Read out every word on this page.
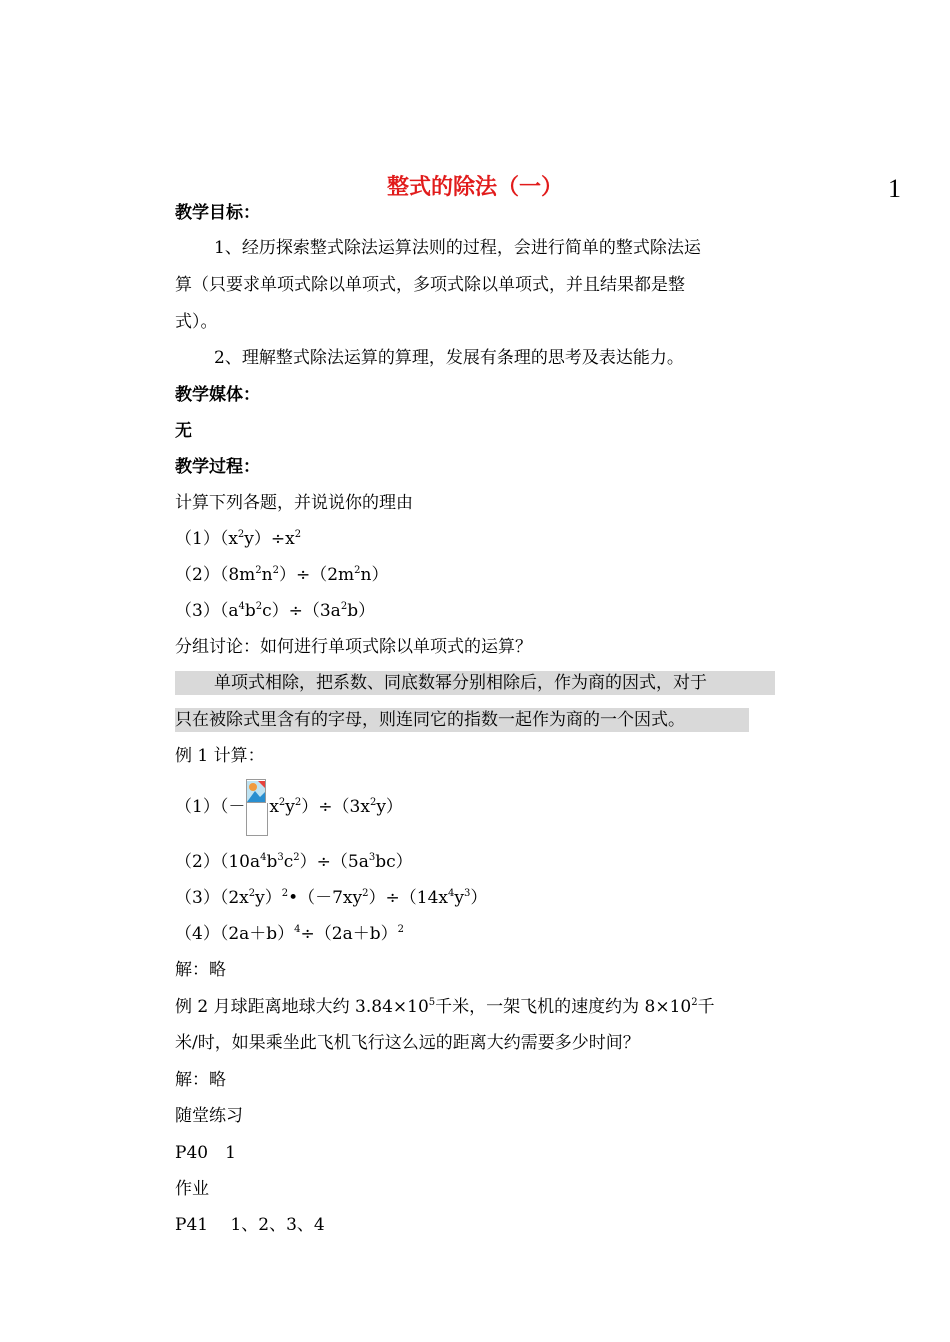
1
整式的除法（一）
教学目标：
1、经历探索整式除法运算法则的过程，会进行简单的整式除法运
算（只要求单项式除以单项式，多项式除以单项式，并且结果都是整
式）。
2、理解整式除法运算的算理，发展有条理的思考及表达能力。
教学媒体：
无
教学过程：
计算下列各题，并说说你的理由
$(1)(x^2y)\div x^2$
$(2)(8m^2n^2)\div(2m^2n)$
$(3)(a^4b^2c)\div(3a^2b)$
分组讨论：如何进行单项式除以单项式的运算？
单项式相除，把系数、同底数幂分别相除后，作为商的因式，对于
只在被除式里含有的字母，则连同它的指数一起作为商的一个因式。
例 1 计算：
$(1)(- x^2y^2)\div(3x^2y)$
$(2)(10a^4b^3c^2)\div(5a^3bc)$
$(3)(2x^2y)^2•(-7xy^2)\div(14x^4y^3)$
$(4)(2a+b)^4\div(2a+b)^2$
解：略
例 2 月球距离地球大约 $3.84\times 10^5$千米，一架飞机的速度约为 $8\times 10^2$千
米/时，如果乘坐此飞机飞行这么远的距离大约需要多少时间？
解：略
随堂练习
P40　1
作业
P41　 1、2、3、4
